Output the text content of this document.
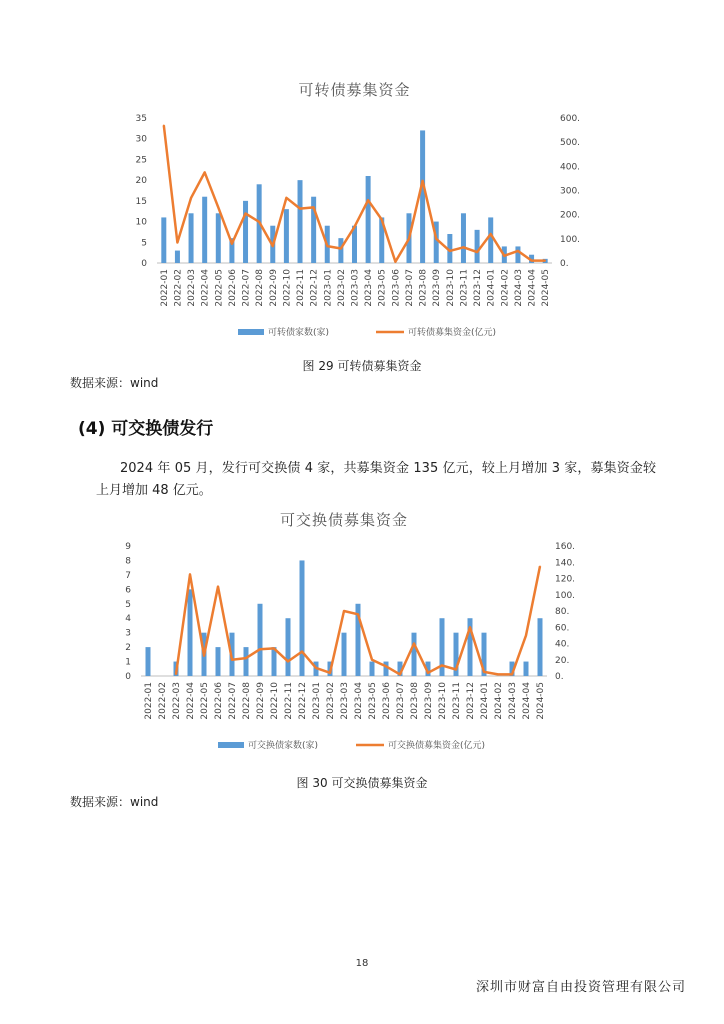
可转债募集资金
0
5
10
15
20
25
30
35
0.
100.
200.
300.
400.
500.
600.
2022-01 2022-02 2022-03 2022-04 2022-05 2022-06 2022-07 2022-08 2022-09 2022-10 2022-11 2022-12 2023-01 2023-02 2023-03 2023-04 2023-05 2023-06 2023-07 2023-08 2023-09 2023-10 2023-11 2023-12 2024-01 2024-02 2024-03 2024-04 2024-05
可转债家数(家)	可转债募集资金(亿元)
图 29 可转债募集资金
数据来源：wind
(4) 可交换债发行
2024 年 05 月，发行可交换债 4 家，共募集资金 135 亿元，较上月增加 3 家，募集资金较上月增加 48 亿元。
可交换债募集资金
0
1
2
3
4
5
6
7
8
9
0.
20.
40.
60.
80.
100.
120.
140.
160.
2022-01 2022-02 2022-03 2022-04 2022-05 2022-06 2022-07 2022-08 2022-09 2022-10 2022-11 2022-12 2023-01 2023-02 2023-03 2023-04 2023-05 2023-06 2023-07 2023-08 2023-09 2023-10 2023-11 2023-12 2024-01 2024-02 2024-03 2024-04 2024-05
可交换债家数(家)	可交换债募集资金(亿元)
图 30 可交换债募集资金
数据来源：wind
18
深圳市财富自由投资管理有限公司
